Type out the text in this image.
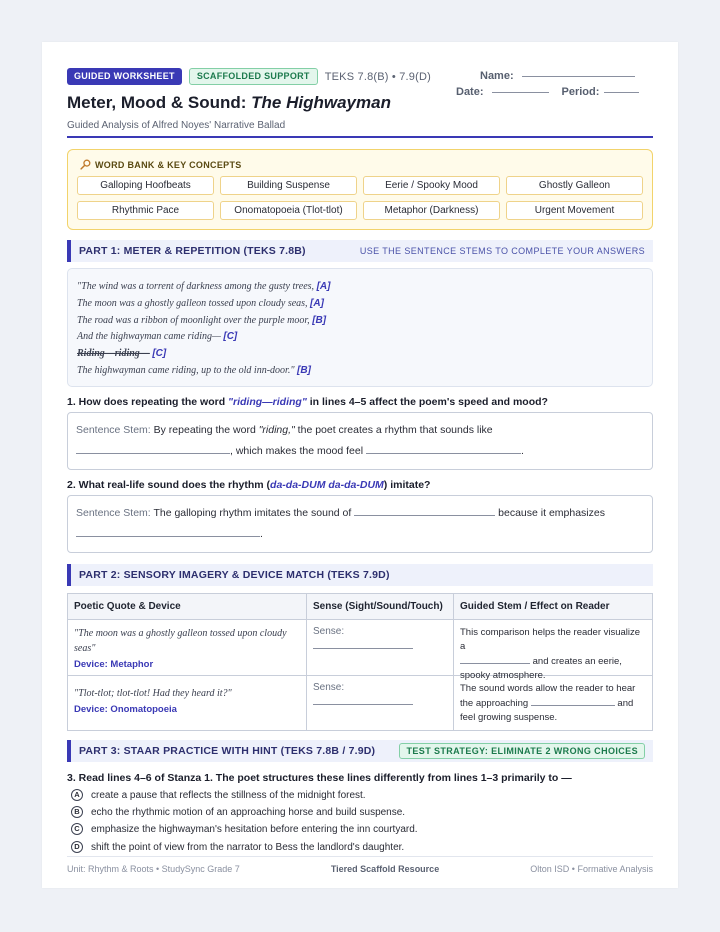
GUIDED WORKSHEET	SCAFFOLDED SUPPORT	TEKS 7.8(B) • 7.9(D)
Meter, Mood & Sound: The Highwayman
Guided Analysis of Alfred Noyes' Narrative Ballad
Name:
Date:	Period:
WORD BANK & KEY CONCEPTS
Galloping Hoofbeats	Building Suspense	Eerie / Spooky Mood	Ghostly Galleon
Rhythmic Pace	Onomatopoeia (Tlot-tlot)	Metaphor (Darkness)	Urgent Movement
PART 1: METER & REPETITION (TEKS 7.8B)	USE THE SENTENCE STEMS TO COMPLETE YOUR ANSWERS
"The wind was a torrent of darkness among the gusty trees, [A]
The moon was a ghostly galleon tossed upon cloudy seas, [A]
The road was a ribbon of moonlight over the purple moor, [B]
And the highwayman came riding— [C]
Riding—riding— [C]
The highwayman came riding, up to the old inn-door." [B]
1. How does repeating the word "riding—riding" in lines 4–5 affect the poem's speed and mood?
Sentence Stem: By repeating the word "riding," the poet creates a rhythm that sounds like
, which makes the mood feel	.
2. What real-life sound does the rhythm (da-da-DUM da-da-DUM) imitate?
Sentence Stem: The galloping rhythm imitates the sound of	because it emphasizes
.
PART 2: SENSORY IMAGERY & DEVICE MATCH (TEKS 7.9D)
Poetic Quote & Device	Sense (Sight/Sound/Touch)	Guided Stem / Effect on Reader
"The moon was a ghostly galleon tossed upon cloudy seas"
Device: Metaphor
Sense:	This comparison helps the reader visualize a
and creates an eerie,
spooky atmosphere.
"Tlot-tlot; tlot-tlot! Had they heard it?"
Device: Onomatopoeia
Sense:	The sound words allow the reader to hear
the approaching	and
feel growing suspense.
PART 3: STAAR PRACTICE WITH HINT (TEKS 7.8B / 7.9D)	TEST STRATEGY: ELIMINATE 2 WRONG CHOICES
3. Read lines 4–6 of Stanza 1. The poet structures these lines differently from lines 1–3 primarily to —
A	create a pause that reflects the stillness of the midnight forest.
B	echo the rhythmic motion of an approaching horse and build suspense.
C	emphasize the highwayman's hesitation before entering the inn courtyard.
D	shift the point of view from the narrator to Bess the landlord's daughter.
Unit: Rhythm & Roots • StudySync Grade 7	Tiered Scaffold Resource	Olton ISD • Formative Analysis
